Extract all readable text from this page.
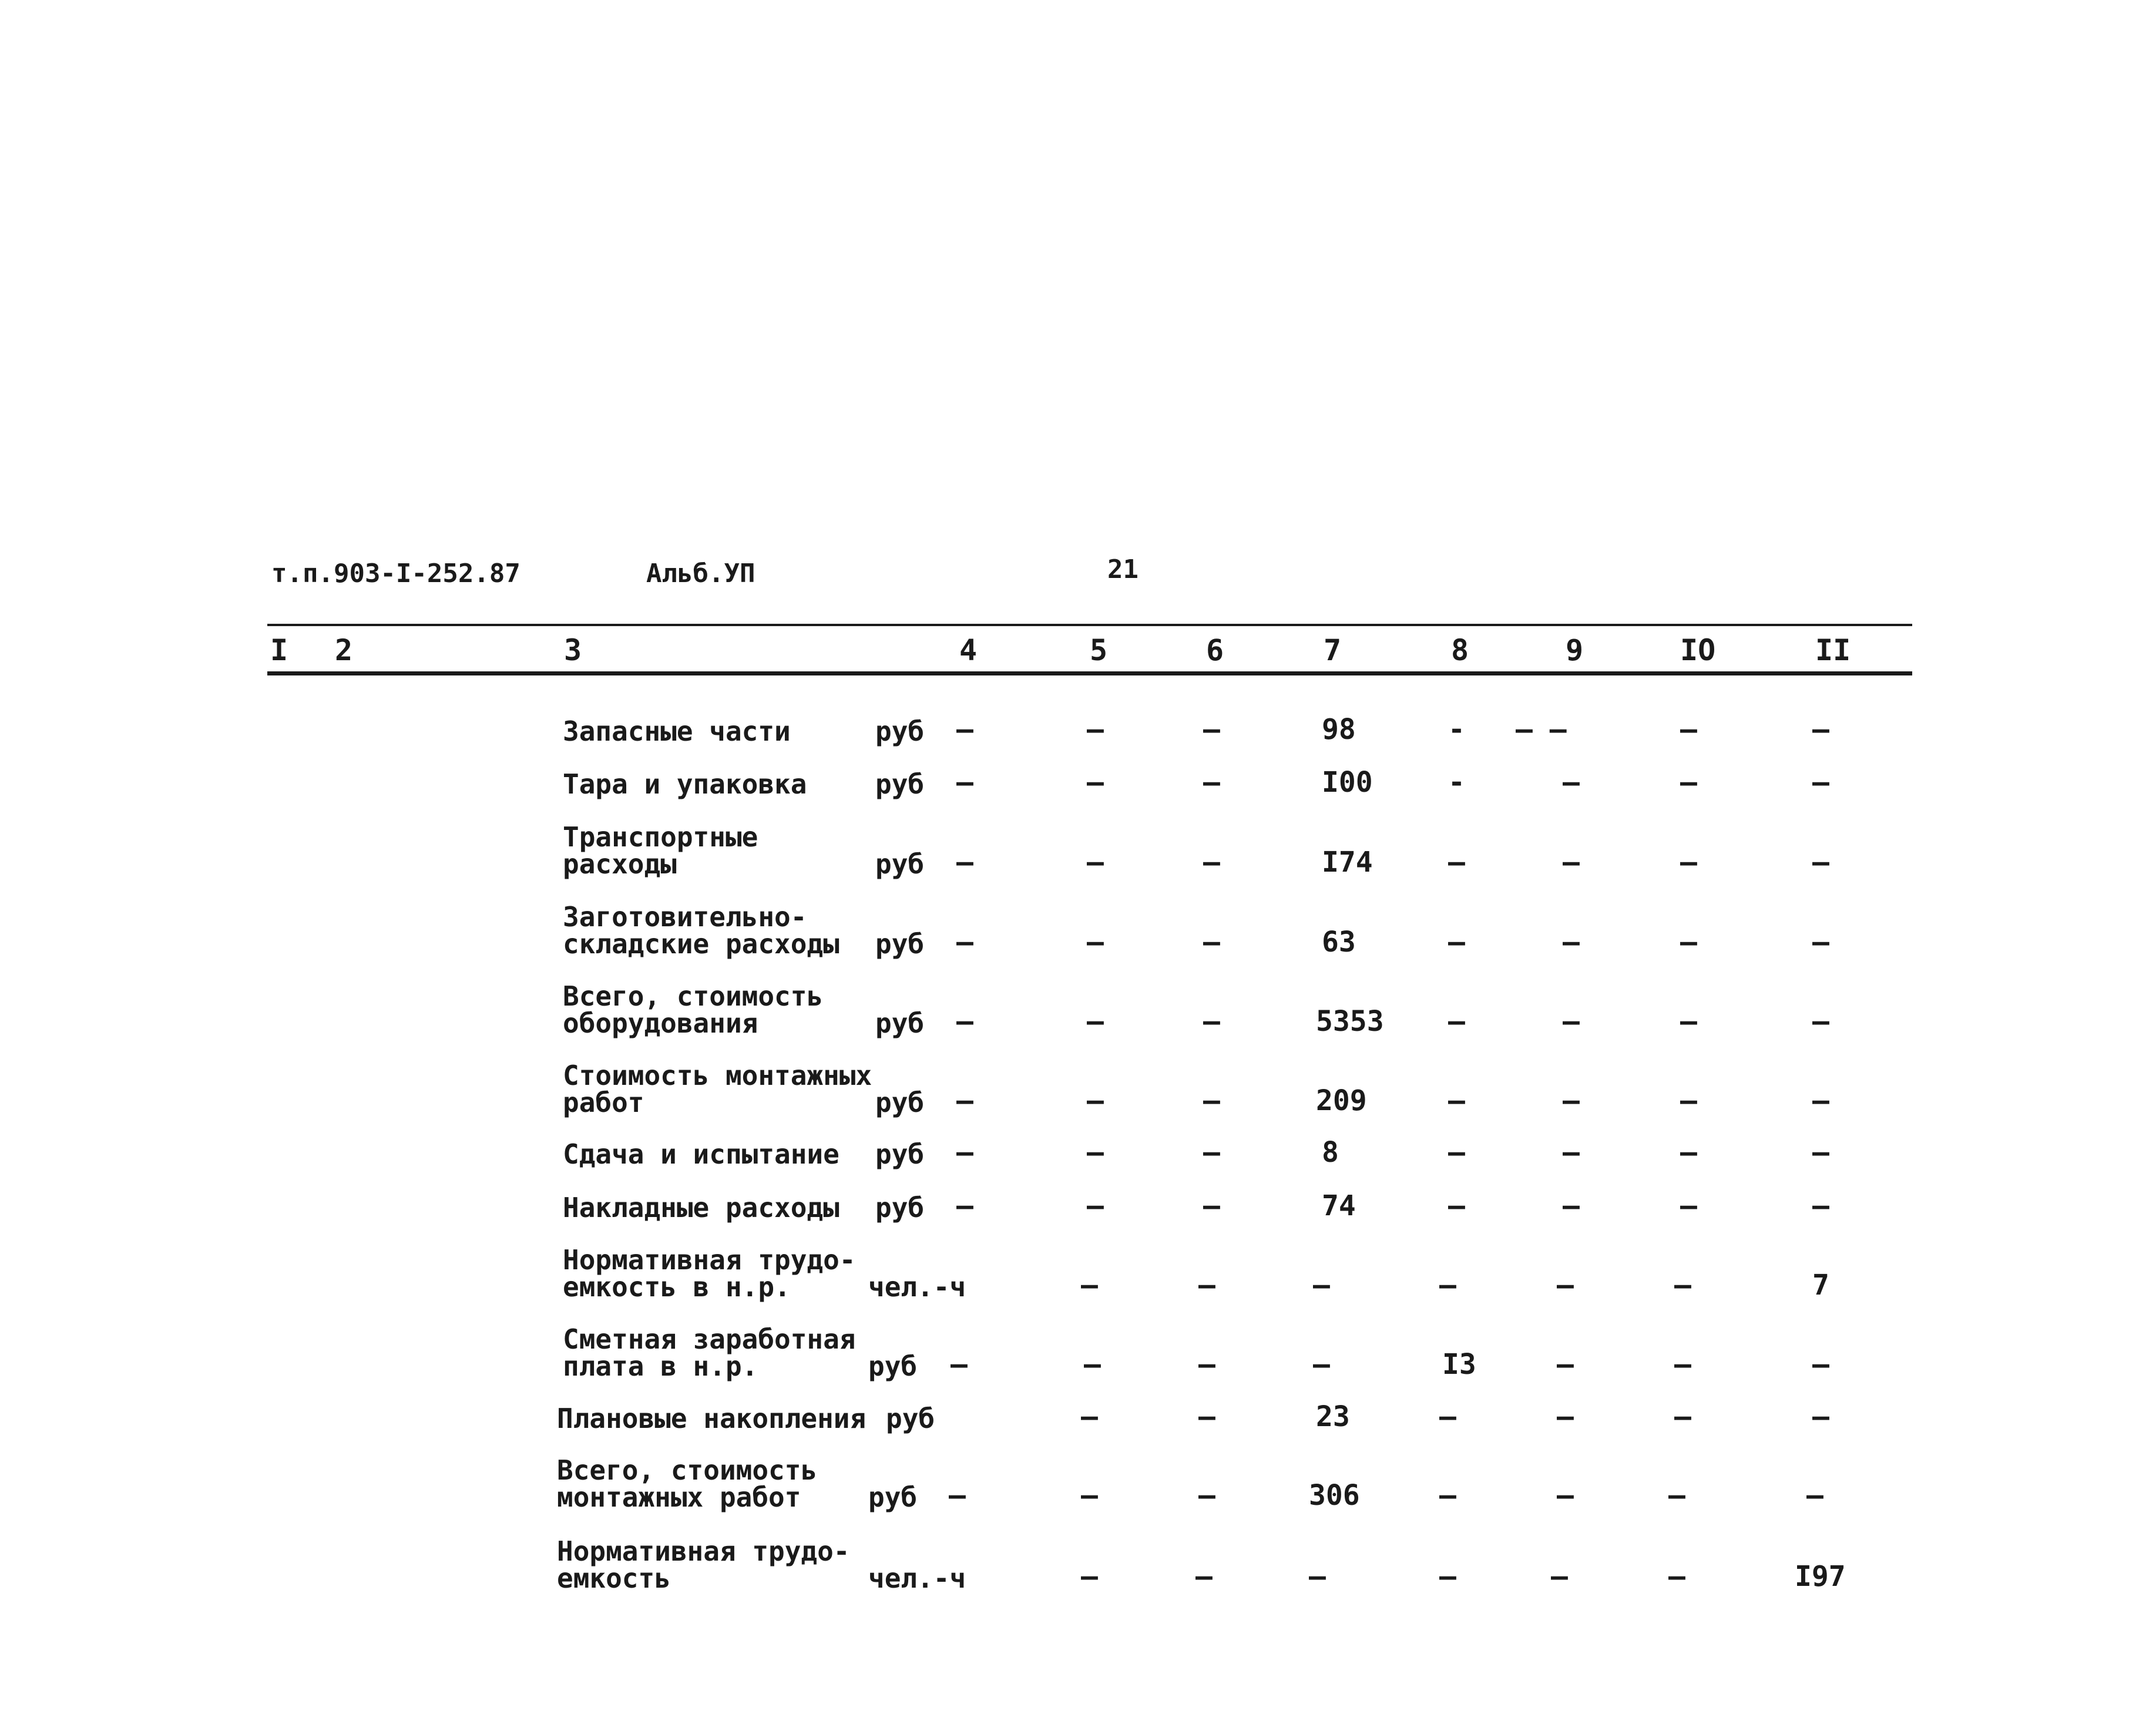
т.п.903-I-252.87	Альб.УП	21
I 2	3	4	5	6	7	8	9	IO	II
Запасные части	руб –	–	–	98	- – –	–	–
Тара и упаковка	руб –	–	–	I00	-	–	–	–
Транспортные
расходы	руб –	–	–	I74	–	–	–	–
Заготовительно-
складские расходы руб –	–	–	63	–	–	–	–
Всего, стоимость
оборудования	руб –	–	–	5353 –	–	–	–
Стоимость монтажных
работ	руб –	–	–	209	–	–	–	–
Сдача и испытание руб –	–	–	8	–	–	–	–
Накладные расходы руб –	–	–	74	–	–	–	–
Нормативная трудо-
емкость в н.р.	чел.-ч	–	–	–	–	–	–	7
Сметная заработная
плата в н.р.	руб –	–	–	–	I3	–	–	–
Плановые накопления руб	–	–	23	–	–	–	–
Всего, стоимость
монтажных работ	руб –	–	–	306	–	–	–	–
Нормативная трудо-
емкость	чел.-ч	–	–	–	–	–	–	I97
